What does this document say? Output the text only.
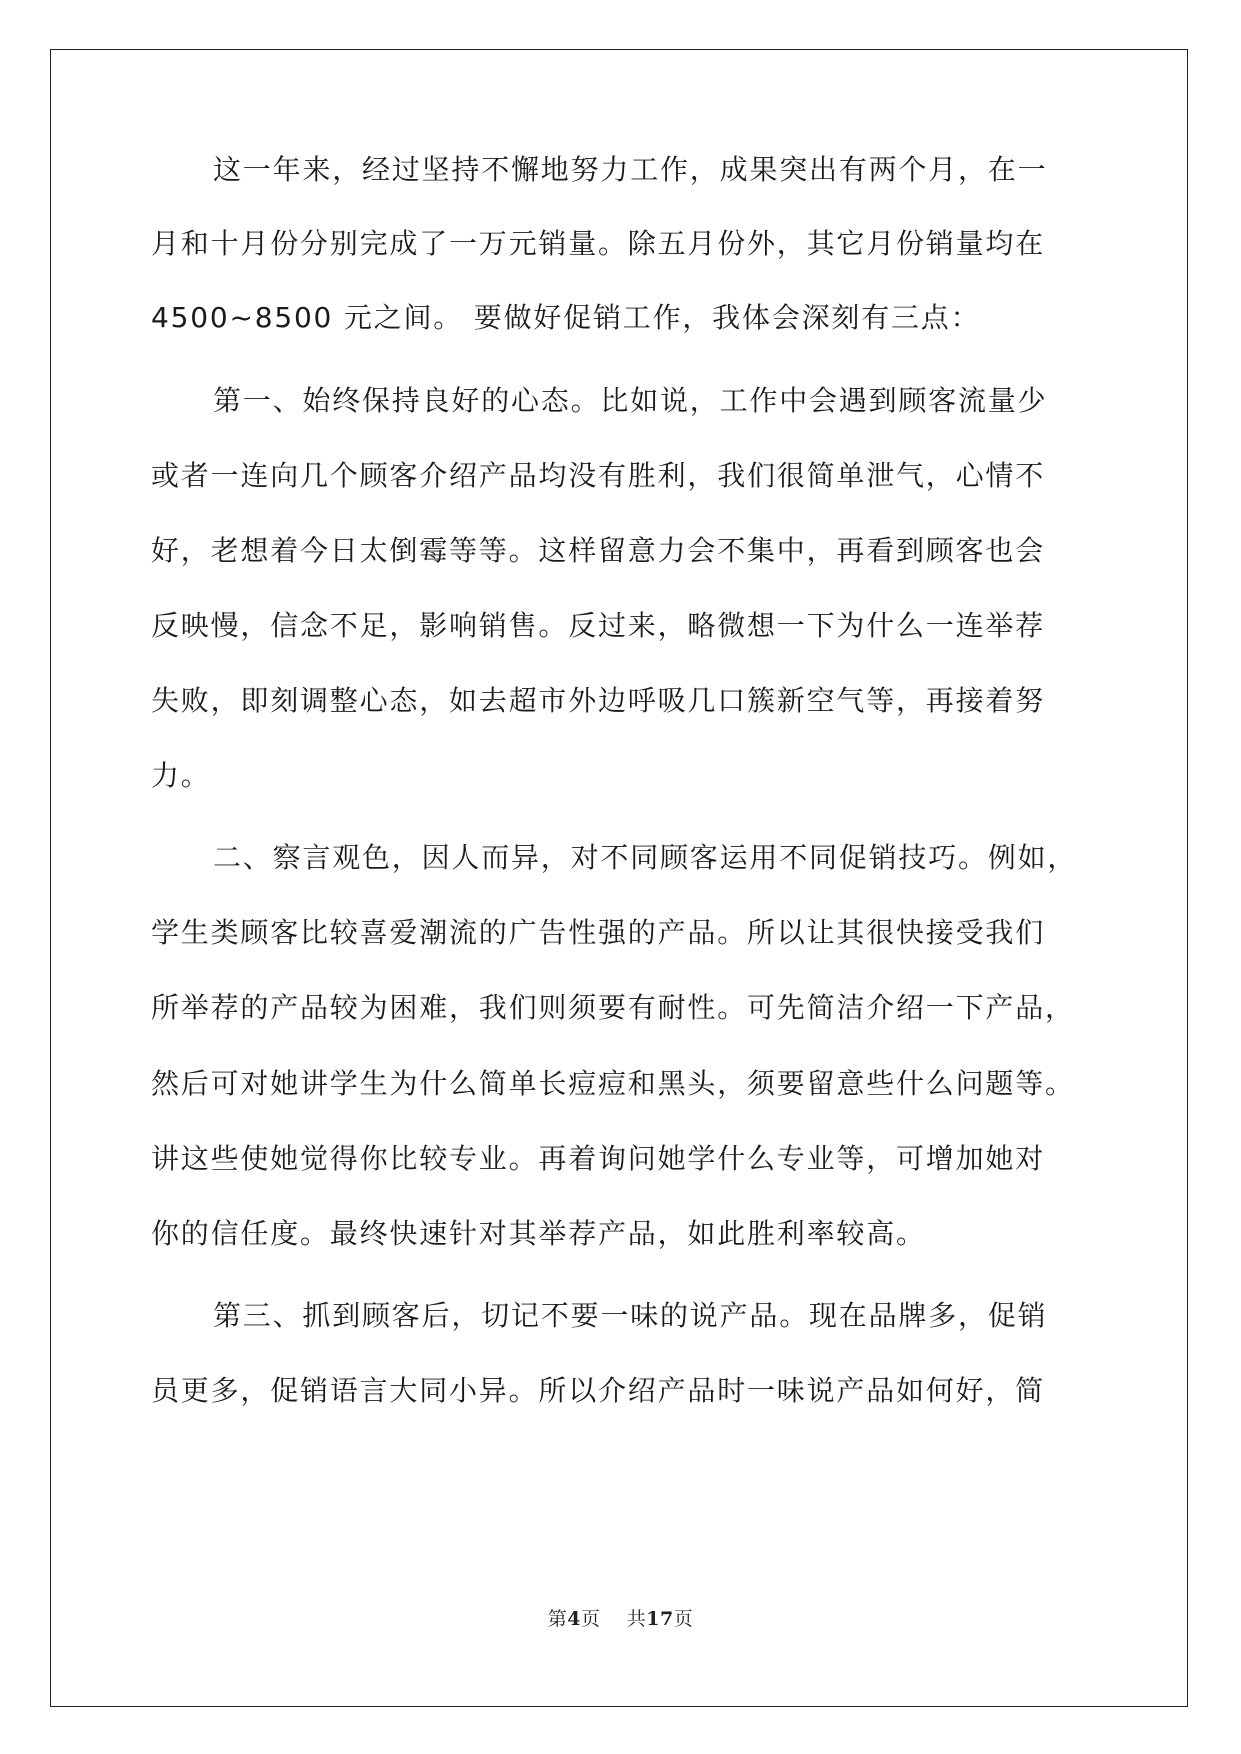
这一年来，经过坚持不懈地努力工作，成果突出有两个月，在一

月和十月份分别完成了一万元销量。除五月份外，其它月份销量均在

4500~8500 元之间。 要做好促销工作，我体会深刻有三点：

第一、始终保持良好的心态。比如说，工作中会遇到顾客流量少

或者一连向几个顾客介绍产品均没有胜利，我们很简单泄气，心情不

好，老想着今日太倒霉等等。这样留意力会不集中，再看到顾客也会

反映慢，信念不足，影响销售。反过来，略微想一下为什么一连举荐

失败，即刻调整心态，如去超市外边呼吸几口簇新空气等，再接着努

力。

二、察言观色，因人而异，对不同顾客运用不同促销技巧。例如，

学生类顾客比较喜爱潮流的广告性强的产品。所以让其很快接受我们

所举荐的产品较为困难，我们则须要有耐性。可先简洁介绍一下产品，

然后可对她讲学生为什么简单长痘痘和黑头，须要留意些什么问题等。

讲这些使她觉得你比较专业。再着询问她学什么专业等，可增加她对

你的信任度。最终快速针对其举荐产品，如此胜利率较高。

第三、抓到顾客后，切记不要一味的说产品。现在品牌多，促销

员更多，促销语言大同小异。所以介绍产品时一味说产品如何好，简

第4页 共17页
